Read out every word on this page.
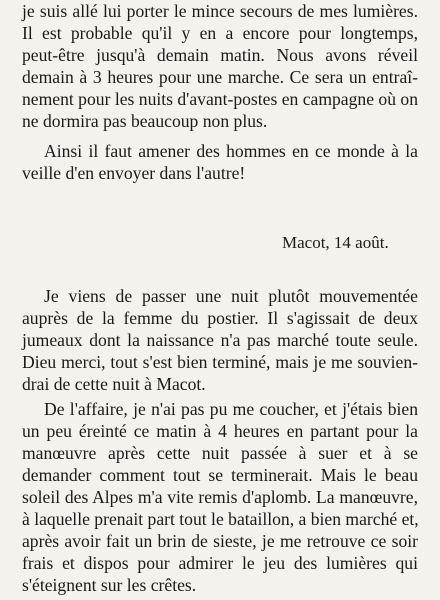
je suis allé lui porter le mince secours de mes lumières.
Il est probable qu'il y en a encore pour longtemps,
peut-être jusqu'à demain matin. Nous avons réveil
demain à 3 heures pour une marche. Ce sera un entraî-
nement pour les nuits d'avant-postes en campagne où on
ne dormira pas beaucoup non plus.
Ainsi il faut amener des hommes en ce monde à la
veille d'en envoyer dans l'autre!
Macot, 14 août.
Je viens de passer une nuit plutôt mouvementée
auprès de la femme du postier. Il s'agissait de deux
jumeaux dont la naissance n'a pas marché toute seule.
Dieu merci, tout s'est bien terminé, mais je me souvien-
drai de cette nuit à Macot.
De l'affaire, je n'ai pas pu me coucher, et j'étais bien
un peu éreinté ce matin à 4 heures en partant pour la
manœuvre après cette nuit passée à suer et à se
demander comment tout se terminerait. Mais le beau
soleil des Alpes m'a vite remis d'aplomb. La manœuvre,
à laquelle prenait part tout le bataillon, a bien marché et,
après avoir fait un brin de sieste, je me retrouve ce soir
frais et dispos pour admirer le jeu des lumières qui
s'éteignent sur les crêtes.
